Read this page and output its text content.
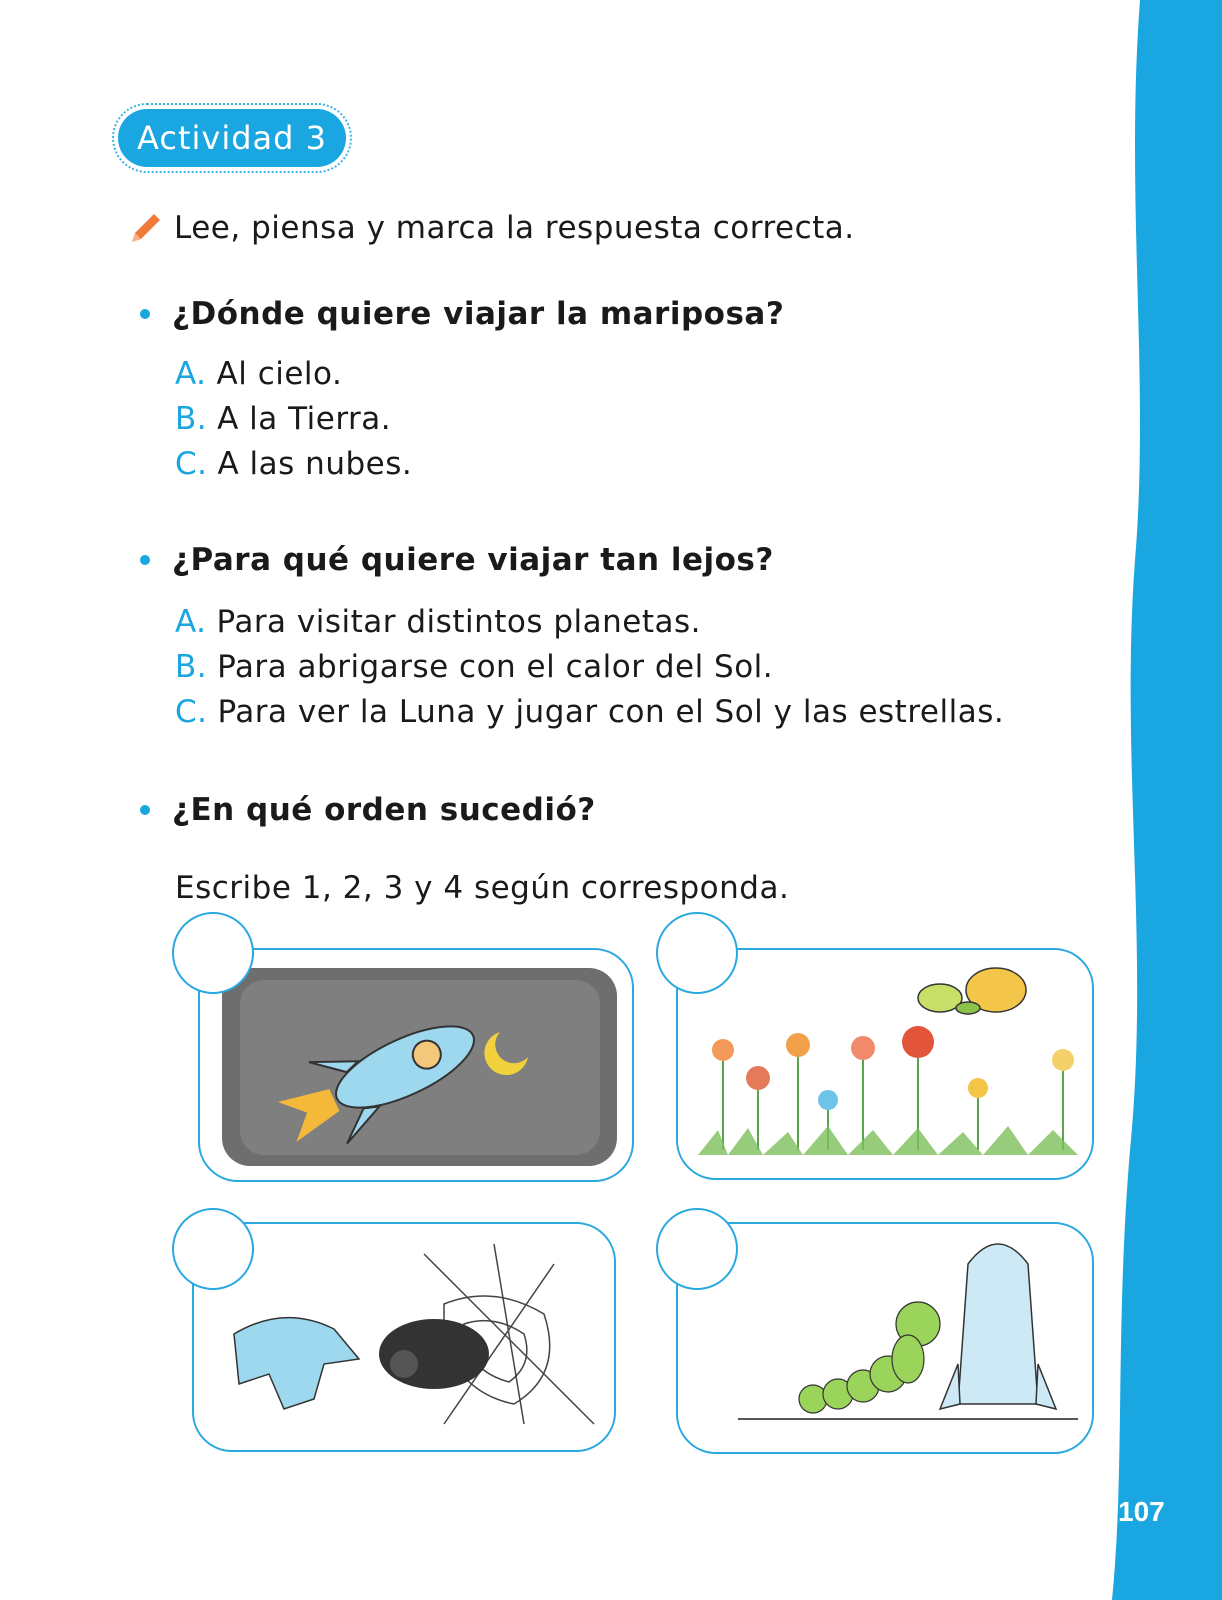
Actividad 3
Lee, piensa y marca la respuesta correcta.
¿Dónde quiere viajar la mariposa?
A. Al cielo.
B. A la Tierra.
C. A las nubes.
¿Para qué quiere viajar tan lejos?
A. Para visitar distintos planetas.
B. Para abrigarse con el calor del Sol.
C. Para ver la Luna y jugar con el Sol y las estrellas.
¿En qué orden sucedió?
Escribe 1, 2, 3 y 4 según corresponda.
107
